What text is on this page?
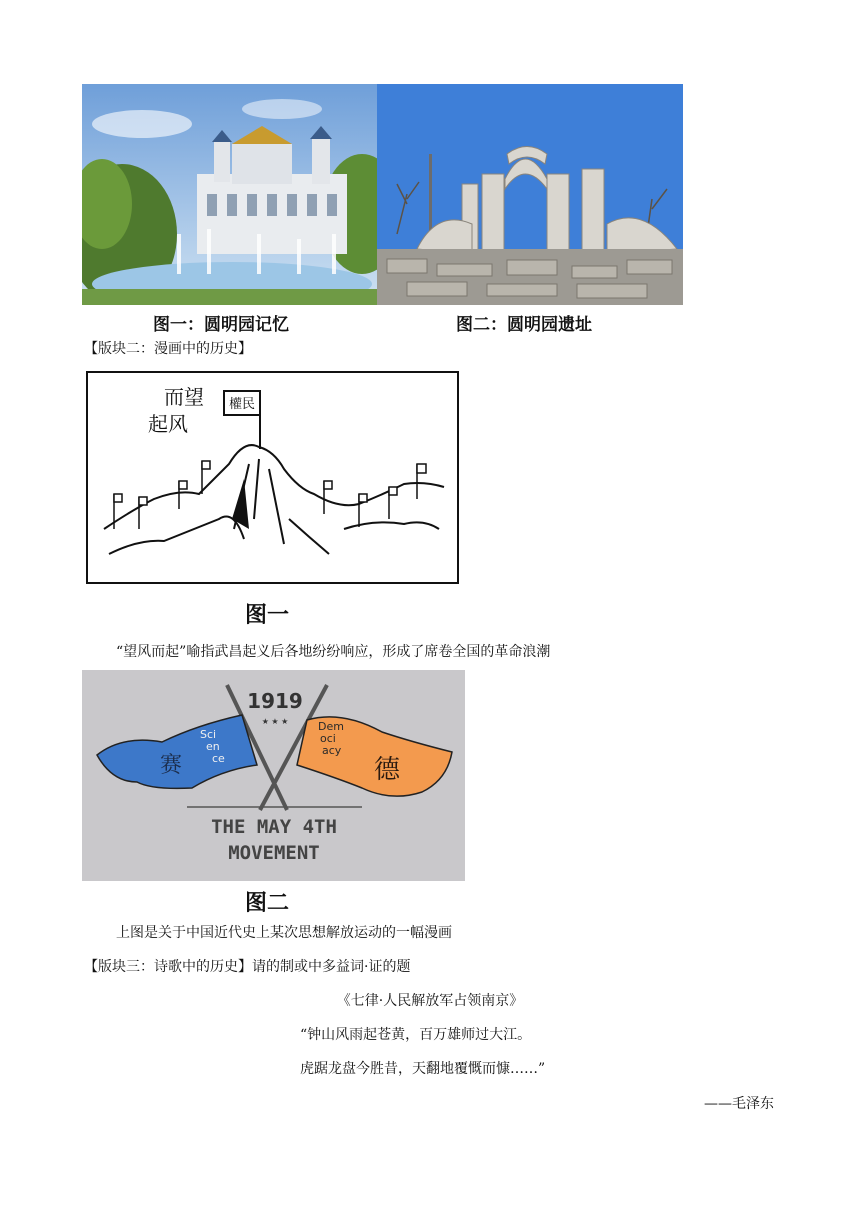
图一：圆明园记忆	图二：圆明园遗址
【版块二：漫画中的历史】
權民
而望
起风
图一
“望风而起”喻指武昌起义后各地纷纷响应，形成了席卷全国的革命浪潮
1919
★ ★ ★
Sci
en
ce
赛
Dem
oci
acy
德
THE MAY 4TH
MOVEMENT
图二
上图是关于中国近代史上某次思想解放运动的一幅漫画
【版块三：诗歌中的历史】请的制或中多益词·证的题
《七律·人民解放军占领南京》
“钟山风雨起苍黄，百万雄师过大江。
虎踞龙盘今胜昔，天翻地覆慨而慷……”
——毛泽东
